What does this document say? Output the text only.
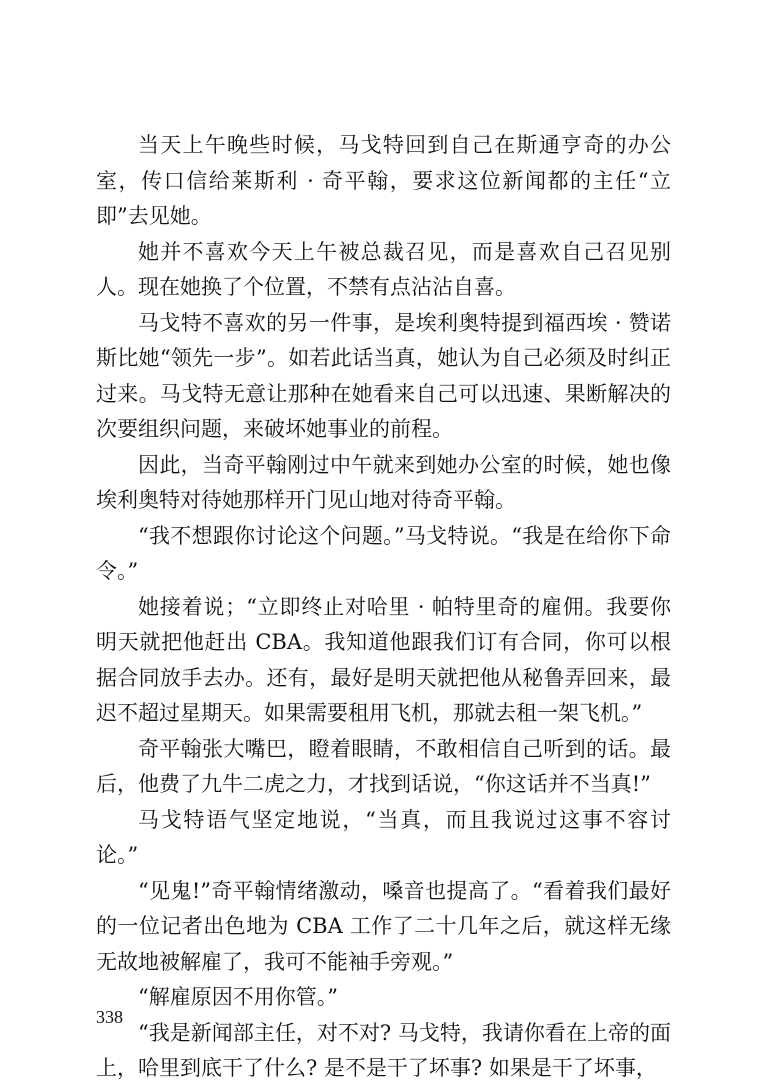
当天上午晚些时候，马戈特回到自己在斯通亨奇的办公室，传口信给莱斯利 · 奇平翰，要求这位新闻都的主任“立即”去见她。

她并不喜欢今天上午被总裁召见，而是喜欢自己召见别人。现在她换了个位置，不禁有点沾沾自喜。

马戈特不喜欢的另一件事，是埃利奥特提到福西埃 · 赞诺斯比她“领先一步”。如若此话当真，她认为自己必须及时纠正过来。马戈特无意让那种在她看来自己可以迅速、果断解决的次要组织问题，来破坏她事业的前程。

因此，当奇平翰刚过中午就来到她办公室的时候，她也像埃利奥特对待她那样开门见山地对待奇平翰。

“我不想跟你讨论这个问题。”马戈特说。“我是在给你下命令。”

她接着说；“立即终止对哈里 · 帕特里奇的雇佣。我要你明天就把他赶出 CBA。我知道他跟我们订有合同，你可以根据合同放手去办。还有，最好是明天就把他从秘鲁弄回来，最迟不超过星期天。如果需要租用飞机，那就去租一架飞机。”

奇平翰张大嘴巴，瞪着眼睛，不敢相信自己听到的话。最后，他费了九牛二虎之力，才找到话说，“你这话并不当真!”

马戈特语气坚定地说，“当真，而且我说过这事不容讨论。”

“见鬼!”奇平翰情绪激动，嗓音也提高了。“看着我们最好的一位记者出色地为 CBA 工作了二十几年之后，就这样无缘无故地被解雇了，我可不能袖手旁观。”

“解雇原因不用你管。”

“我是新闻部主任，对不对? 马戈特，我请你看在上帝的面上，哈里到底干了什么? 是不是干了坏事? 如果是干了坏事，

338
